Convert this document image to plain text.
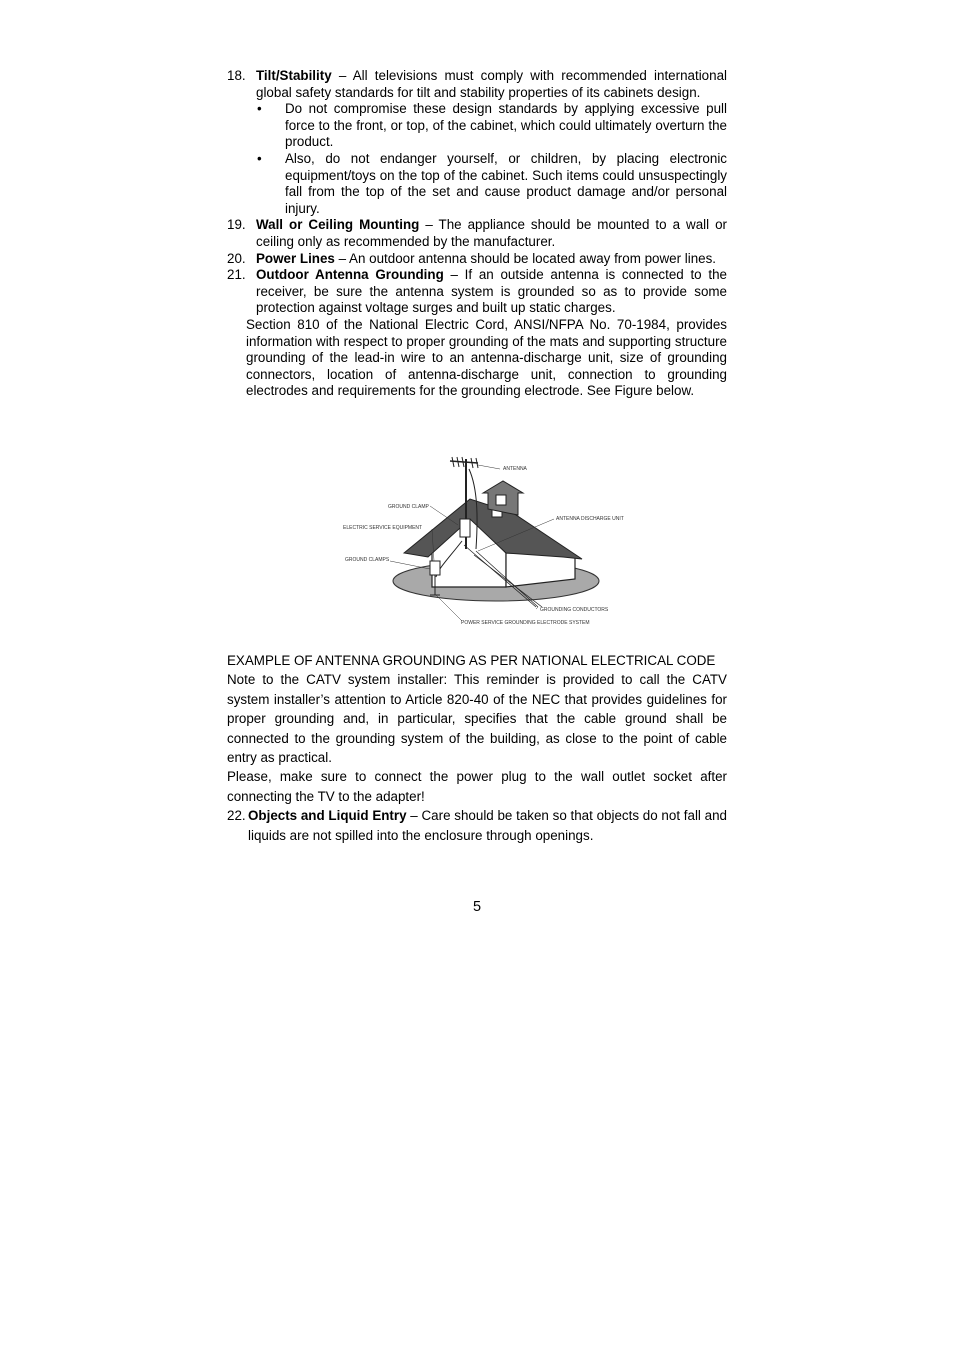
18. Tilt/Stability – All televisions must comply with recommended international global safety standards for tilt and stability properties of its cabinets design.
• Do not compromise these design standards by applying excessive pull force to the front, or top, of the cabinet, which could ultimately overturn the product.
• Also, do not endanger yourself, or children, by placing electronic equipment/toys on the top of the cabinet. Such items could unsuspectingly fall from the top of the set and cause product damage and/or personal injury.
19. Wall or Ceiling Mounting – The appliance should be mounted to a wall or ceiling only as recommended by the manufacturer.
20. Power Lines – An outdoor antenna should be located away from power lines.
21. Outdoor Antenna Grounding – If an outside antenna is connected to the receiver, be sure the antenna system is grounded so as to provide some protection against voltage surges and built up static charges.
Section 810 of the National Electric Cord, ANSI/NFPA No. 70-1984, provides information with respect to proper grounding of the mats and supporting structure grounding of the lead-in wire to an antenna-discharge unit, size of grounding connectors, location of antenna-discharge unit, connection to grounding electrodes and requirements for the grounding electrode. See Figure below.
ANTENNA
GROUND CLAMP
ELECTRIC SERVICE EQUIPMENT
GROUND CLAMPS
ANTENNA DISCHARGE UNIT
GROUNDING CONDUCTORS
POWER SERVICE GROUNDING ELECTRODE SYSTEM

EXAMPLE OF ANTENNA GROUNDING AS PER NATIONAL ELECTRICAL CODE

Note to the CATV system installer: This reminder is provided to call the CATV system installer’s attention to Article 820-40 of the NEC that provides guidelines for proper grounding and, in particular, specifies that the cable ground shall be connected to the grounding system of the building, as close to the point of cable entry as practical.

Please, make sure to connect the power plug to the wall outlet socket after connecting the TV to the adapter!

22. Objects and Liquid Entry – Care should be taken so that objects do not fall and liquids are not spilled into the enclosure through openings.
5
